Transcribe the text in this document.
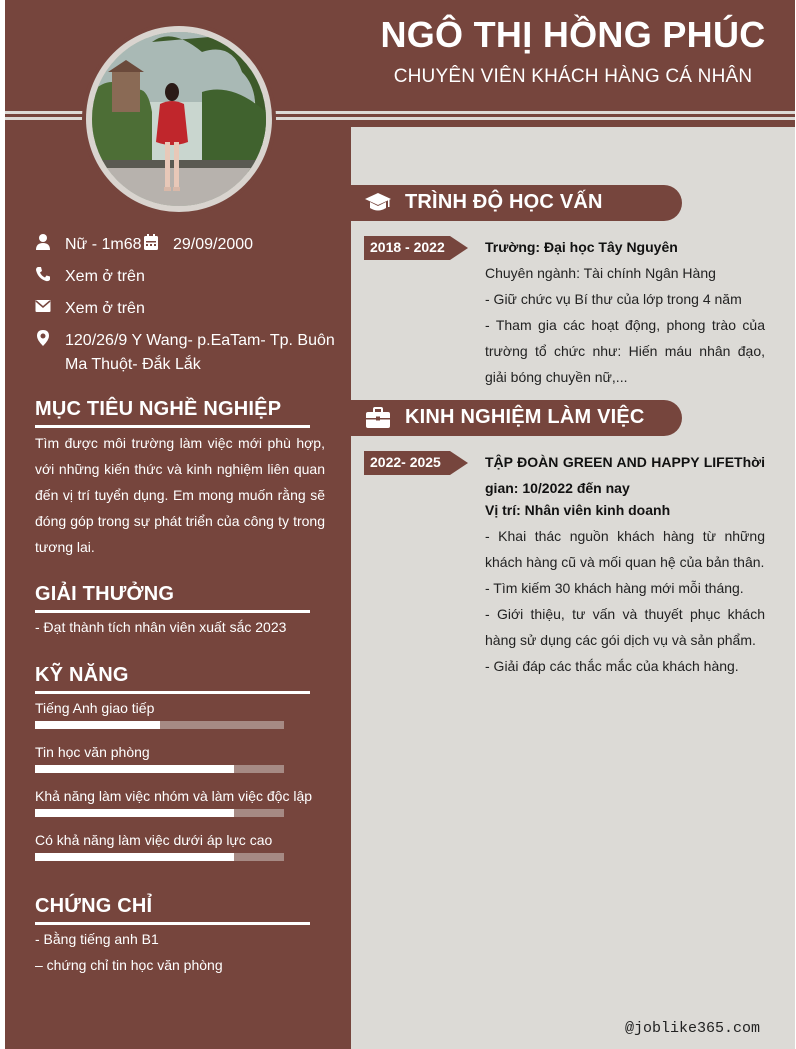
NGÔ THỊ HỒNG PHÚC
CHUYÊN VIÊN KHÁCH HÀNG CÁ NHÂN
Nữ - 1m68 29/09/2000
Xem ở trên
Xem ở trên
120/26/9 Y Wang- p.EaTam- Tp. Buôn
Ma Thuột- Đắk Lắk
MỤC TIÊU NGHỀ NGHIỆP
Tìm được môi trường làm việc mới phù hợp, với những kiến thức và kinh nghiệm liên quan đến vị trí tuyển dụng. Em mong muốn rằng sẽ đóng góp trong sự phát triển của công ty trong tương lai.
GIẢI THƯỞNG
- Đạt thành tích nhân viên xuất sắc 2023
KỸ NĂNG
Tiếng Anh giao tiếp
Tin học văn phòng
Khả năng làm việc nhóm và làm việc độc lập
Có khả năng làm việc dưới áp lực cao
CHỨNG CHỈ
- Bằng tiếng anh B1
– chứng chỉ tin học văn phòng
TRÌNH ĐỘ HỌC VẤN
2018 - 2022	Trường: Đại học Tây Nguyên
Chuyên ngành: Tài chính Ngân Hàng
- Giữ chức vụ Bí thư của lớp trong 4 năm
- Tham gia các hoạt động, phong trào của trường tổ chức như: Hiến máu nhân đạo, giải bóng chuyền nữ,...
KINH NGHIỆM LÀM VIỆC
2022- 2025	TẬP ĐOÀN GREEN AND HAPPY LIFEThời gian: 10/2022 đến nay
Vị trí: Nhân viên kinh doanh
- Khai thác nguồn khách hàng từ những khách hàng cũ và mối quan hệ của bản thân.
- Tìm kiếm 30 khách hàng mới mỗi tháng.
- Giới thiệu, tư vấn và thuyết phục khách hàng sử dụng các gói dịch vụ và sản phẩm.
- Giải đáp các thắc mắc của khách hàng.
@joblike365.com
